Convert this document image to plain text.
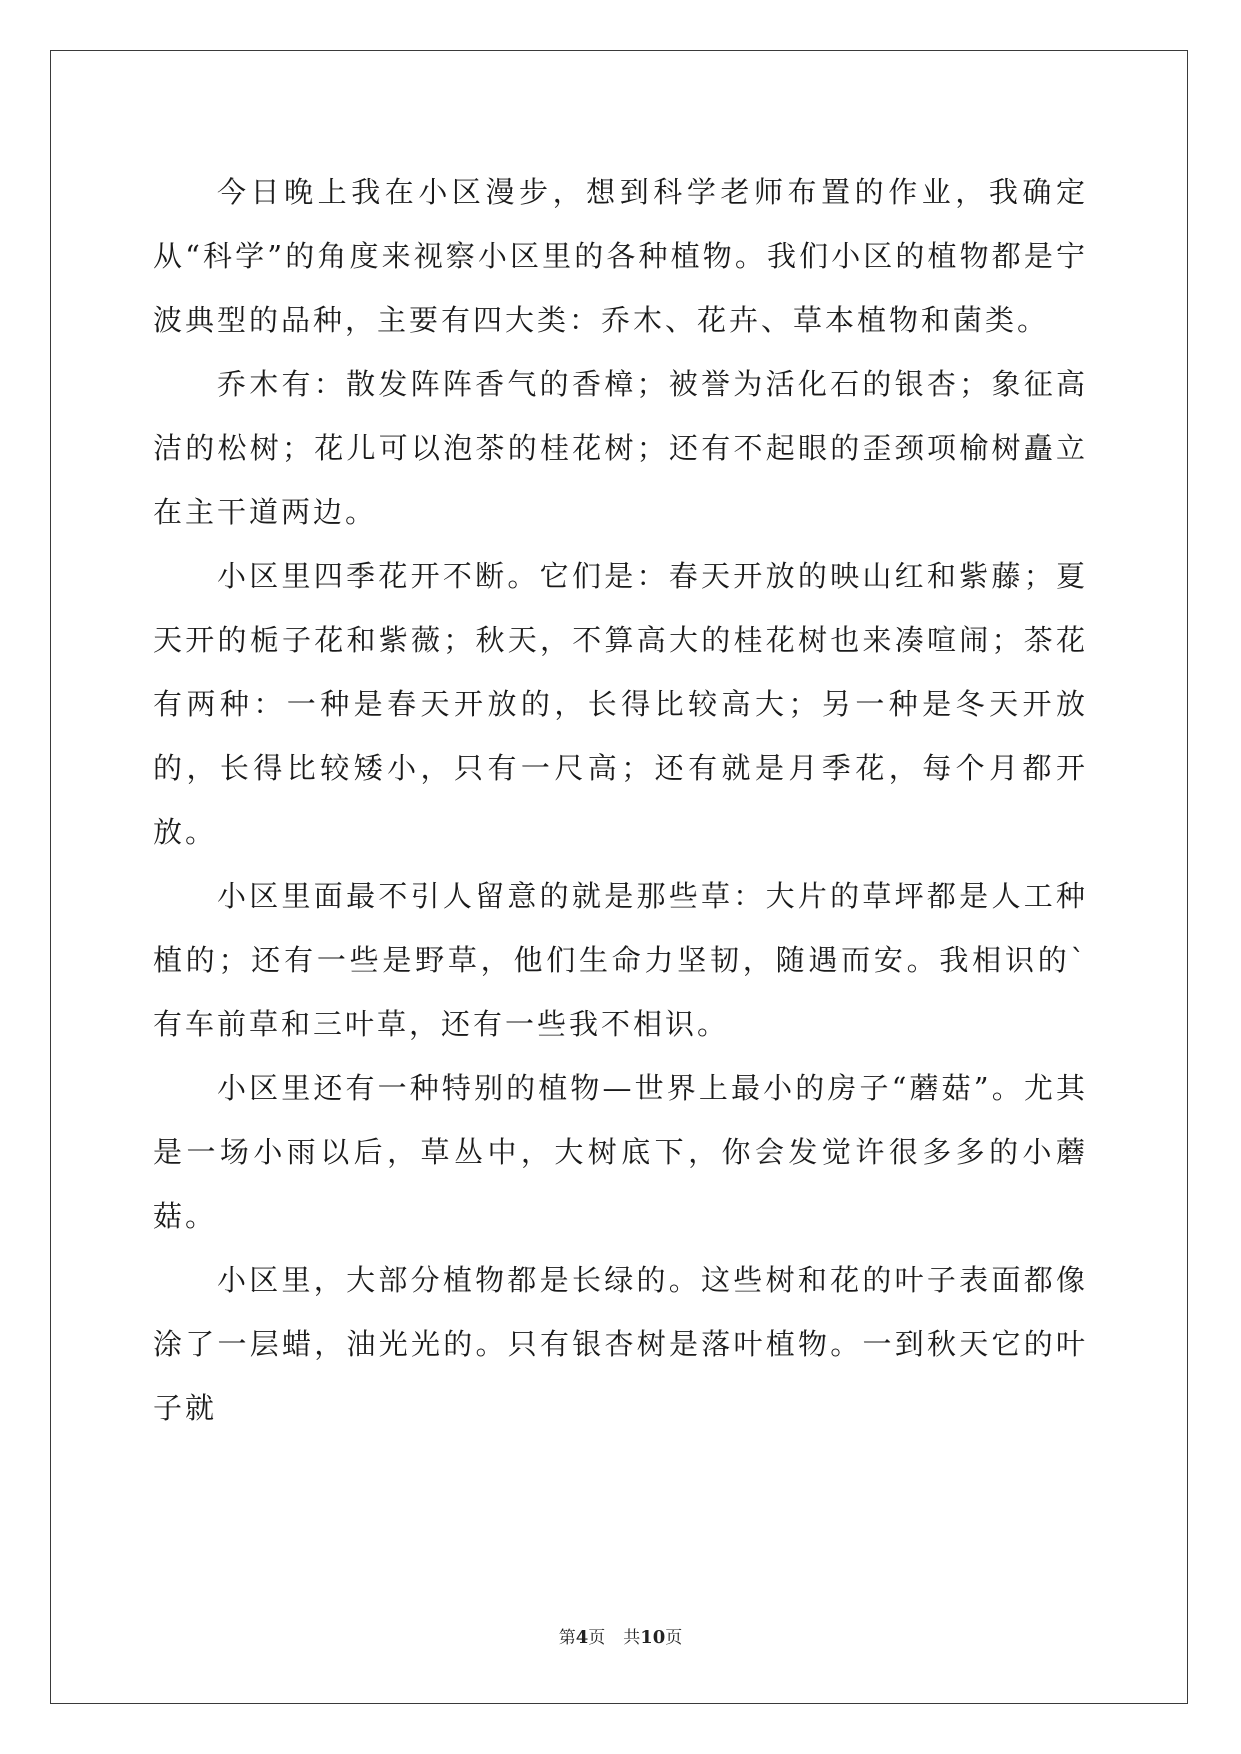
今日晚上我在小区漫步，想到科学老师布置的作业，我确定从“科学”的角度来视察小区里的各种植物。我们小区的植物都是宁波典型的品种，主要有四大类：乔木、花卉、草本植物和菌类。

乔木有：散发阵阵香气的香樟；被誉为活化石的银杏；象征高洁的松树；花儿可以泡茶的桂花树；还有不起眼的歪颈项榆树矗立在主干道两边。

小区里四季花开不断。它们是：春天开放的映山红和紫藤；夏天开的栀子花和紫薇；秋天，不算高大的桂花树也来凑喧闹；茶花有两种：一种是春天开放的，长得比较高大；另一种是冬天开放的，长得比较矮小，只有一尺高；还有就是月季花，每个月都开放。

小区里面最不引人留意的就是那些草：大片的草坪都是人工种植的；还有一些是野草，他们生命力坚韧，随遇而安。我相识的`有车前草和三叶草，还有一些我不相识。

小区里还有一种特别的植物—世界上最小的房子“蘑菇”。尤其是一场小雨以后，草丛中，大树底下，你会发觉许很多多的小蘑菇。

小区里，大部分植物都是长绿的。这些树和花的叶子表面都像涂了一层蜡，油光光的。只有银杏树是落叶植物。一到秋天它的叶子就

第4页 共10页
